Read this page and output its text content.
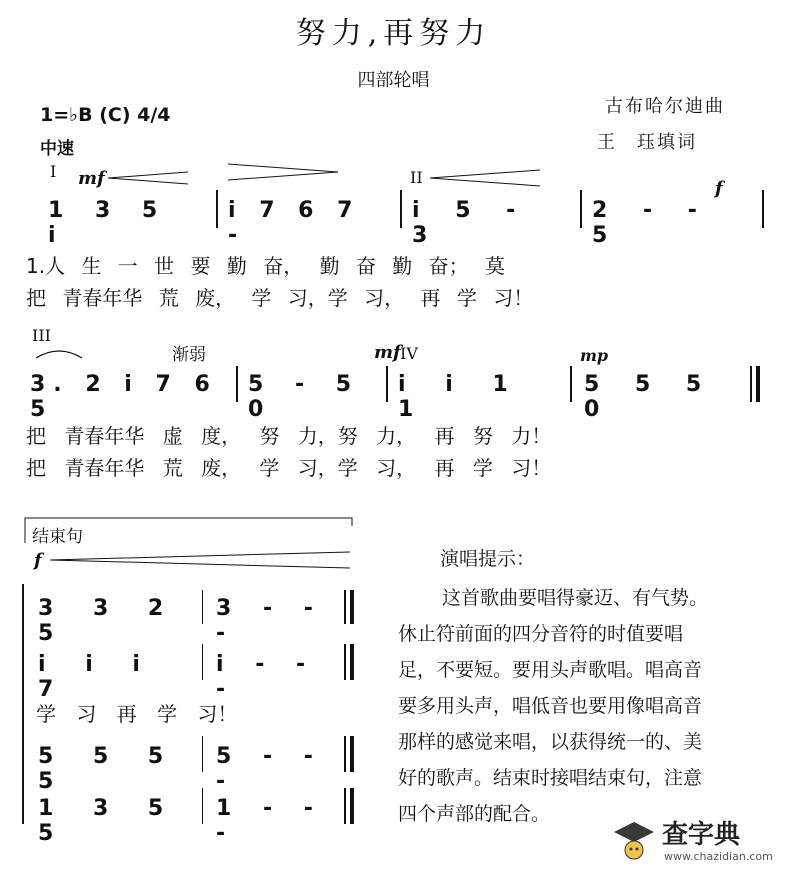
努力,再努力
四部轮唱
古布哈尔迪曲
王　珏填词
1=♭B (C) 4/4
中速
I mf	II
f
1 3 5 i
i 7 6 7 -
i 5 - 3
2 - - 5
1.人 生 一 世 要 勤 奋， 勤 奋 勤 奋； 莫
把 青春年华 荒 废， 学 习，学 习， 再 学 习！
III
渐弱	mf IV	mp
3. 2 i 7 6 5
5 - 5 0
i i 1 1
5 5 5 0
把 青春年华 虚 度， 努 力，努 力， 再 努 力！
把 青春年华 荒 废， 学 习，学 习， 再 学 习！
结束句
f
3 3 2 5
3 - - -
i i i 7
i - - -
学 习 再 学 习！
5 5 5 5
5 - - -
1 3 5 5
1 - - -
演唱提示：
这首歌曲要唱得豪迈、有气势。
休止符前面的四分音符的时值要唱
足，不要短。要用头声歌唱。唱高音
要多用头声，唱低音也要用像唱高音
那样的感觉来唱，以获得统一的、美
好的歌声。结束时接唱结束句，注意
四个声部的配合。
查字典
www.chazidian.com
